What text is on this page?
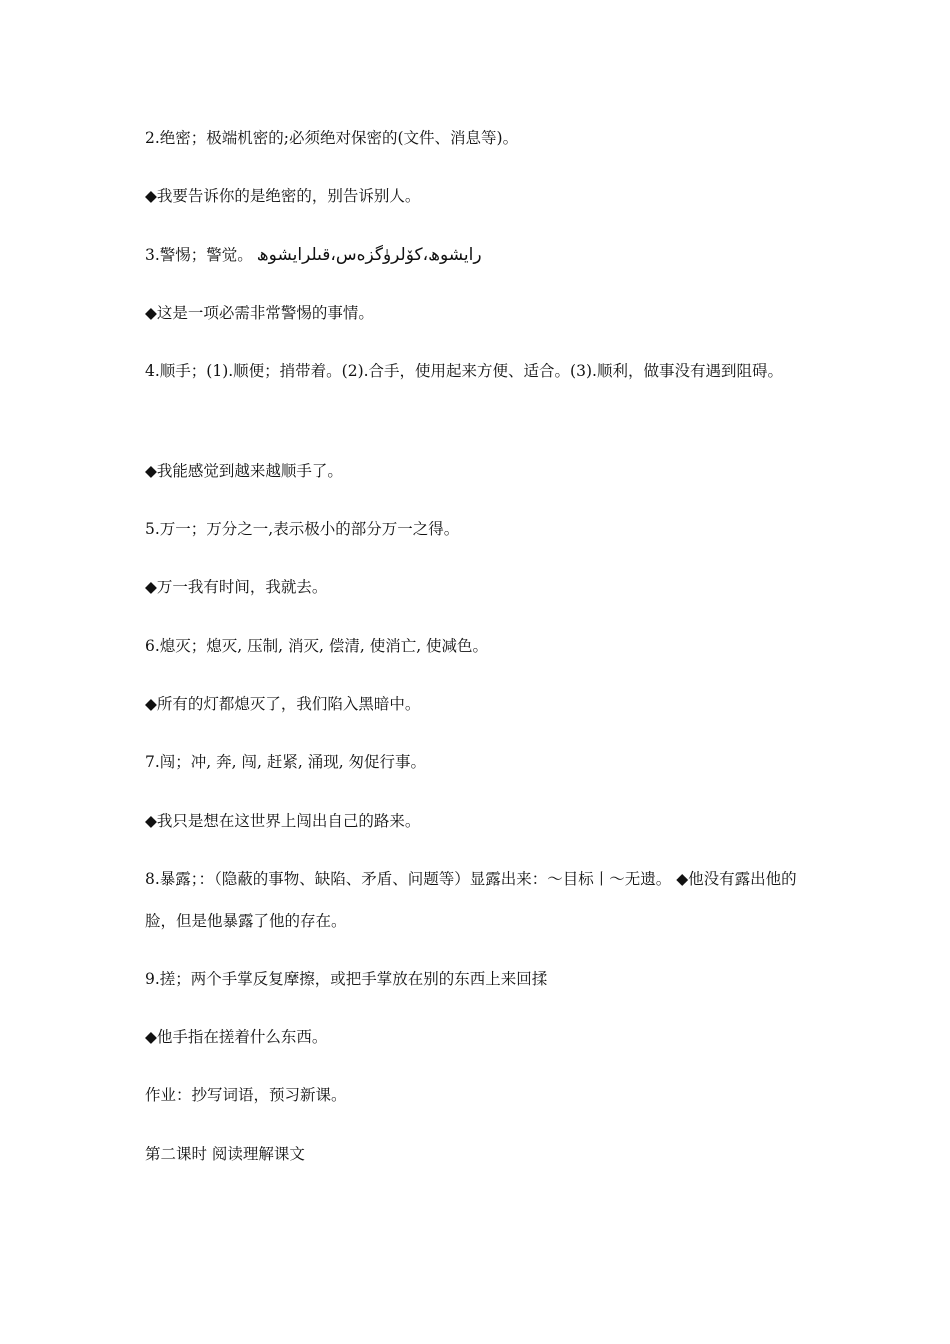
2.绝密；极端机密的;必须绝对保密的(文件、消息等)。

◆我要告诉你的是绝密的，别告诉别人。

3.警惕；警觉。 رايشوھ،كۆلرۈگزەس،قىلرايشوھ

◆这是一项必需非常警惕的事情。

4.顺手；(1).顺便；捎带着。(2).合手，使用起来方便、适合。(3).顺利，做事没有遇到阻碍。

◆我能感觉到越来越顺手了。

5.万一；万分之一,表示极小的部分万一之得。

◆万一我有时间，我就去。

6.熄灭；熄灭, 压制, 消灭, 偿清, 使消亡, 使减色。

◆所有的灯都熄灭了，我们陷入黑暗中。

7.闯；冲, 奔, 闯, 赶紧, 涌现, 匆促行事。

◆我只是想在这世界上闯出自己的路来。

8.暴露；：（隐蔽的事物、缺陷、矛盾、问题等）显露出来：～目标丨～无遗。 ◆他没有露出他的脸，但是他暴露了他的存在。

9.搓；两个手掌反复摩擦，或把手掌放在别的东西上来回揉

◆他手指在搓着什么东西。

作业：抄写词语，预习新课。

第二课时 阅读理解课文
